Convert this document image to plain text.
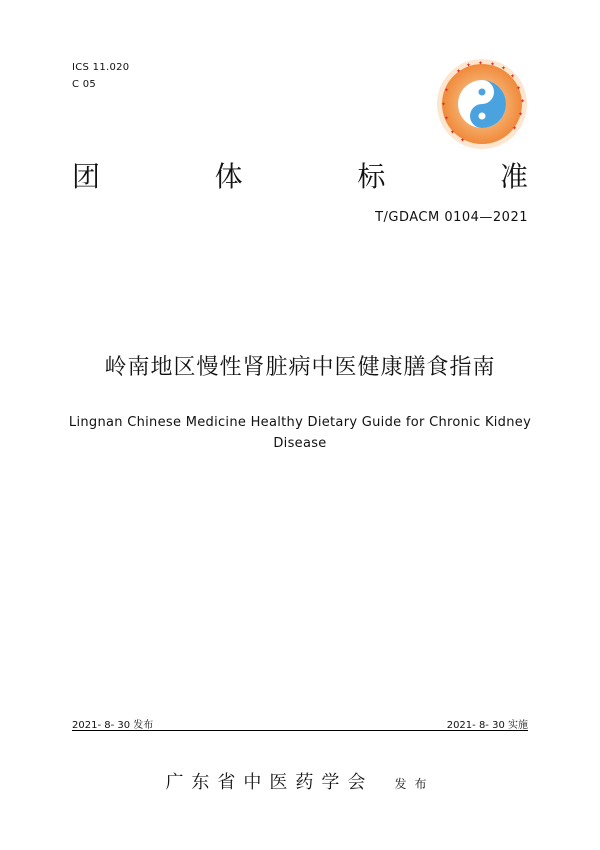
ICS 11.020
C 05
✦
✦ ✦ ✦
✦
✦
✦
✦
✦
✦
✦
✦
✦
✦
✦
团	体	标	准
T/GDACM 0104—2021
岭南地区慢性肾脏病中医健康膳食指南
Lingnan Chinese Medicine Healthy Dietary Guide for Chronic Kidney
Disease
2021- 8- 30 发布	2021- 8- 30 实施
广东省中医药学会 发布
